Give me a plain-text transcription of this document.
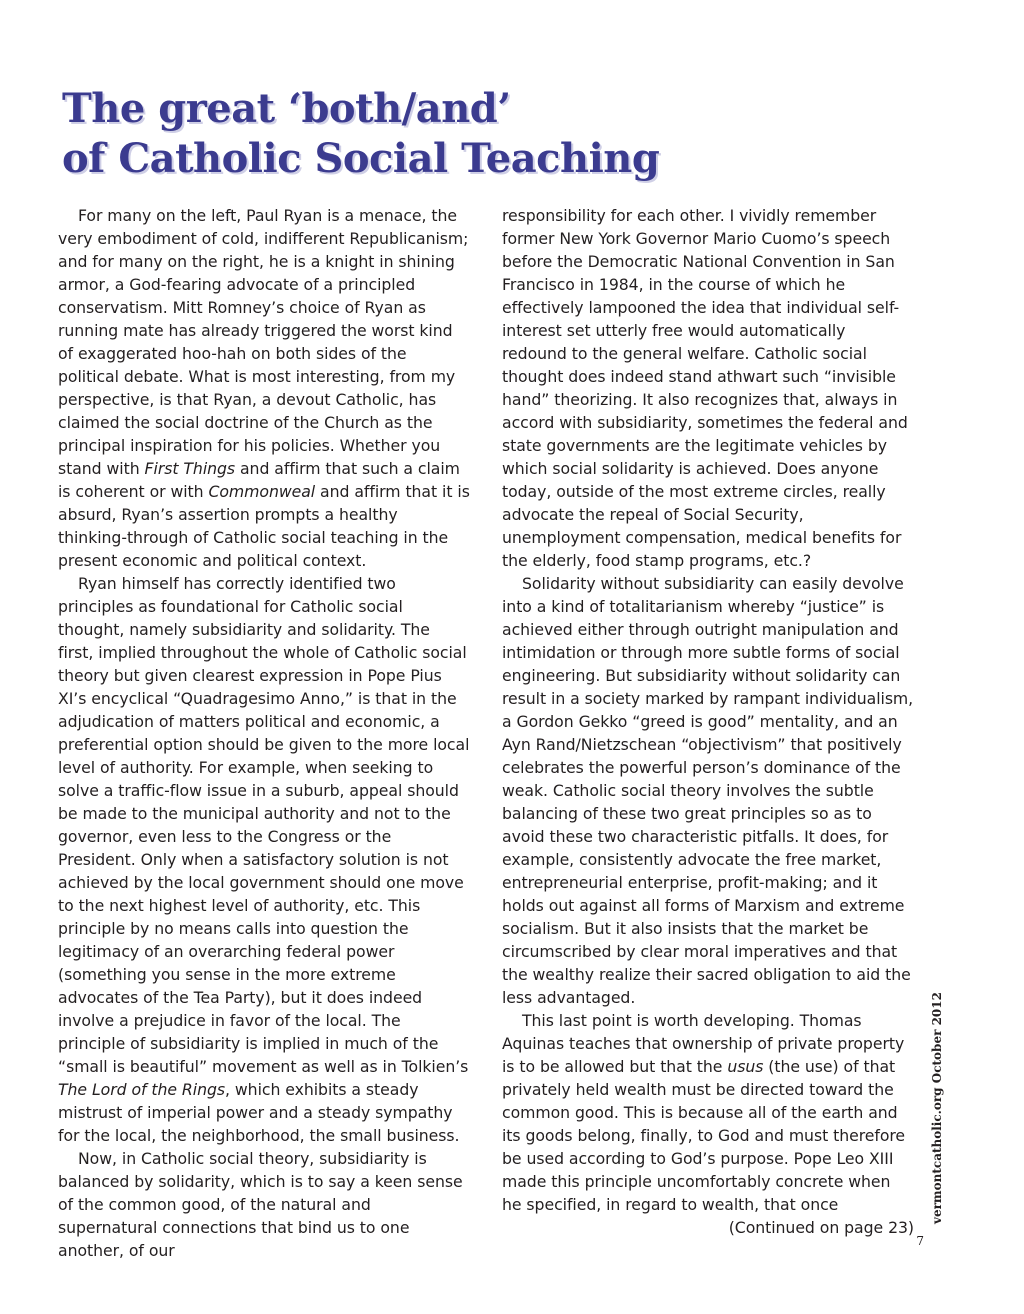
The great ‘both/and’
of Catholic Social Teaching

For many on the left, Paul Ryan is a menace, the very embodiment of cold, indifferent Republicanism; and for many on the right, he is a knight in shining armor, a God-fearing advocate of a principled conservatism. Mitt Romney’s choice of Ryan as running mate has already triggered the worst kind of exaggerated hoo-hah on both sides of the political debate. What is most interesting, from my perspective, is that Ryan, a devout Catholic, has claimed the social doctrine of the Church as the principal inspiration for his policies. Whether you stand with First Things and affirm that such a claim is coherent or with Commonweal and affirm that it is absurd, Ryan’s assertion prompts a healthy thinking-through of Catholic social teaching in the present economic and political context.

Ryan himself has correctly identified two principles as foundational for Catholic social thought, namely subsidiarity and solidarity. The first, implied throughout the whole of Catholic social theory but given clearest expression in Pope Pius XI’s encyclical “Quadragesimo Anno,” is that in the adjudication of matters political and economic, a preferential option should be given to the more local level of authority. For example, when seeking to solve a traffic-flow issue in a suburb, appeal should be made to the municipal authority and not to the governor, even less to the Congress or the President. Only when a satisfactory solution is not achieved by the local government should one move to the next highest level of authority, etc. This principle by no means calls into question the legitimacy of an overarching federal power (something you sense in the more extreme advocates of the Tea Party), but it does indeed involve a prejudice in favor of the local. The principle of subsidiarity is implied in much of the “small is beautiful” movement as well as in Tolkien’s The Lord of the Rings, which exhibits a steady mistrust of imperial power and a steady sympathy for the local, the neighborhood, the small business.

Now, in Catholic social theory, subsidiarity is balanced by solidarity, which is to say a keen sense of the common good, of the natural and supernatural connections that bind us to one another, of our

responsibility for each other. I vividly remember former New York Governor Mario Cuomo’s speech before the Democratic National Convention in San Francisco in 1984, in the course of which he effectively lampooned the idea that individual self-interest set utterly free would automatically redound to the general welfare. Catholic social thought does indeed stand athwart such “invisible hand” theorizing. It also recognizes that, always in accord with subsidiarity, sometimes the federal and state governments are the legitimate vehicles by which social solidarity is achieved. Does anyone today, outside of the most extreme circles, really advocate the repeal of Social Security, unemployment compensation, medical benefits for the elderly, food stamp programs, etc.?

Solidarity without subsidiarity can easily devolve into a kind of totalitarianism whereby “justice” is achieved either through outright manipulation and intimidation or through more subtle forms of social engineering. But subsidiarity without solidarity can result in a society marked by rampant individualism, a Gordon Gekko “greed is good” mentality, and an Ayn Rand/Nietzschean “objectivism” that positively celebrates the powerful person’s dominance of the weak. Catholic social theory involves the subtle balancing of these two great principles so as to avoid these two characteristic pitfalls. It does, for example, consistently advocate the free market, entrepreneurial enterprise, profit-making; and it holds out against all forms of Marxism and extreme socialism. But it also insists that the market be circumscribed by clear moral imperatives and that the wealthy realize their sacred obligation to aid the less advantaged.

This last point is worth developing. Thomas Aquinas teaches that ownership of private property is to be allowed but that the usus (the use) of that privately held wealth must be directed toward the common good. This is because all of the earth and its goods belong, finally, to God and must therefore be used according to God’s purpose. Pope Leo XIII made this principle uncomfortably concrete when he specified, in regard to wealth, that once

(Continued on page 23)

vermontcatholic.org October 2012
7
